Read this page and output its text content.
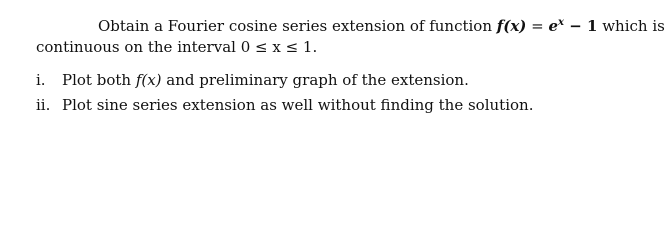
Obtain a Fourier cosine series extension of function $f(x) = e^x - 1$ which is
continuous on the interval 0 ≤ x ≤ 1.
i. Plot both f(x) and preliminary graph of the extension.
ii. Plot sine series extension as well without finding the solution.
